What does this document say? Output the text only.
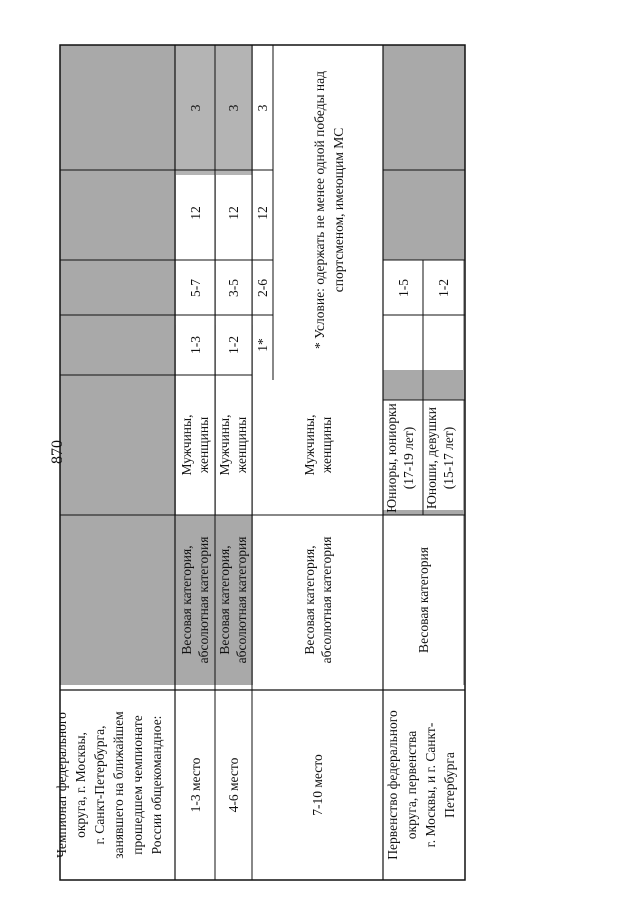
Чемпионат федерального округа, г. Москвы, г. Санкт-Петербурга, занявшего на ближайшем прошедшем чемпионате России общекомандное: 1-3 место
Весовая категория, абсолютная категория
Мужчины, женщины
1-3
5-7
12
3
4-6 место
Весовая категория, абсолютная категория
Мужчины, женщины
1-2
3-5
12
3
7-10 место
Весовая категория, абсолютная категория
Мужчины, женщины
1*
2-6
12
3	* Условие: одержать не менее одной победы над спортсменом, имеющим МС
Первенство федерального округа, первенства г. Москвы, и г. Санкт- Петербурга
Весовая категория
Юниоры, юниорки (17-19 лет) Юноши, девушки (15-17 лет)
1-5 1-2
870
